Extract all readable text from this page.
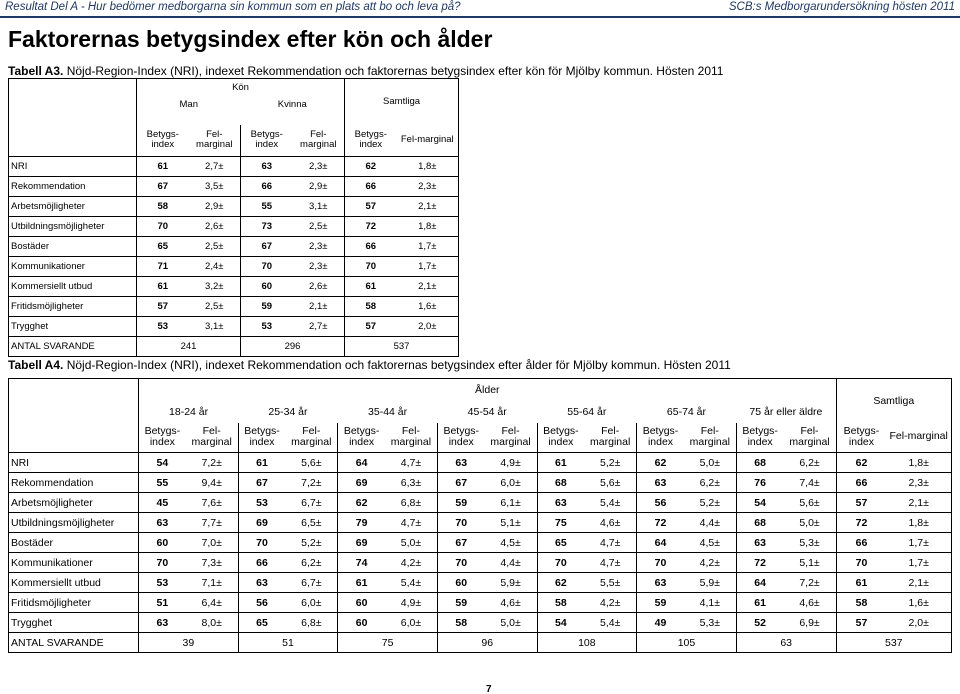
Resultat Del A - Hur bedömer medborgarna sin kommun som en plats att bo och leva på?	SCB:s Medborgarundersökning hösten 2011
Faktorernas betygsindex efter kön och ålder
Tabell A3. Nöjd-Region-Index (NRI), indexet Rekommendation och faktorernas betygsindex efter kön för Mjölby kommun. Hösten 2011
	Kön				Samtliga	
	Man		Kvinna			

	Betygs-index	Fel-marginal	Betygs-index	Fel-marginal	Betygs-index	Fel-marginal
NRI	61	2,7±	63	2,3±	62	1,8±
Rekommendation	67	3,5±	66	2,9±	66	2,3±
Arbetsmöjligheter	58	2,9±	55	3,1±	57	2,1±
Utbildningsmöjligheter	70	2,6±	73	2,5±	72	1,8±
Bostäder	65	2,5±	67	2,3±	66	1,7±
Kommunikationer	71	2,4±	70	2,3±	70	1,7±
Kommersiellt utbud	61	3,2±	60	2,6±	61	2,1±
Fritidsmöjligheter	57	2,5±	59	2,1±	58	1,6±
Trygghet	53	3,1±	53	2,7±	57	2,0±
ANTAL SVARANDE	241		296		537	
Tabell A4. Nöjd-Region-Index (NRI), indexet Rekommendation och faktorernas betygsindex efter ålder för Mjölby kommun. Hösten 2011
	Ålder														Samtliga	
	18-24 år		25-34 år		35-44 år		45-54 år		55-64 år		65-74 år		75 år eller äldre			
	Betygs-index	Fel-marginal	Betygs-index	Fel-marginal	Betygs-index	Fel-marginal	Betygs-index	Fel-marginal	Betygs-index	Fel-marginal	Betygs-index	Fel-marginal	Betygs-index	Fel-marginal	Betygs-index	Fel-marginal
NRI	54	7,2±	61	5,6±	64	4,7±	63	4,9±	61	5,2±	62	5,0±	68	6,2±	62	1,8±
Rekommendation	55	9,4±	67	7,2±	69	6,3±	67	6,0±	68	5,6±	63	6,2±	76	7,4±	66	2,3±
Arbetsmöjligheter	45	7,6±	53	6,7±	62	6,8±	59	6,1±	63	5,4±	56	5,2±	54	5,6±	57	2,1±
Utbildningsmöjligheter	63	7,7±	69	6,5±	79	4,7±	70	5,1±	75	4,6±	72	4,4±	68	5,0±	72	1,8±
Bostäder	60	7,0±	70	5,2±	69	5,0±	67	4,5±	65	4,7±	64	4,5±	63	5,3±	66	1,7±
Kommunikationer	70	7,3±	66	6,2±	74	4,2±	70	4,4±	70	4,7±	70	4,2±	72	5,1±	70	1,7±
Kommersiellt utbud	53	7,1±	63	6,7±	61	5,4±	60	5,9±	62	5,5±	63	5,9±	64	7,2±	61	2,1±
Fritidsmöjligheter	51	6,4±	56	6,0±	60	4,9±	59	4,6±	58	4,2±	59	4,1±	61	4,6±	58	1,6±
Trygghet	63	8,0±	65	6,8±	60	6,0±	58	5,0±	54	5,4±	49	5,3±	52	6,9±	57	2,0±
ANTAL SVARANDE	39		51		75		96		108		105		63		537	
7
